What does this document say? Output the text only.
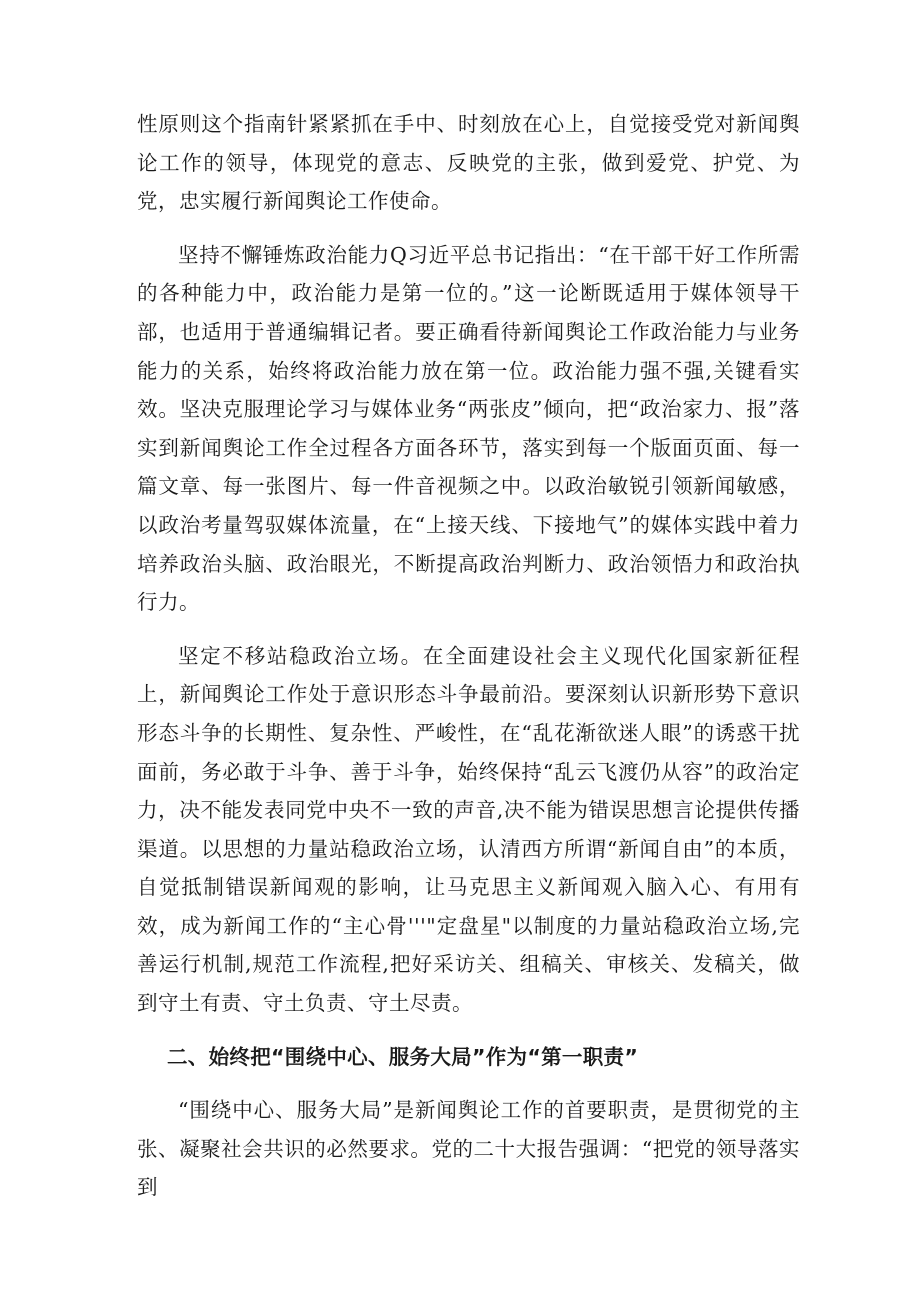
性原则这个指南针紧紧抓在手中、时刻放在心上，自觉接受党对新闻舆论工作的领导，体现党的意志、反映党的主张，做到爱党、护党、为党，忠实履行新闻舆论工作使命。

坚持不懈锤炼政治能力Q习近平总书记指出：“在干部干好工作所需的各种能力中，政治能力是第一位的。”这一论断既适用于媒体领导干部，也适用于普通编辑记者。要正确看待新闻舆论工作政治能力与业务能力的关系，始终将政治能力放在第一位。政治能力强不强,关键看实效。坚决克服理论学习与媒体业务“两张皮”倾向，把“政治家力、报”落实到新闻舆论工作全过程各方面各环节，落实到每一个版面页面、每一篇文章、每一张图片、每一件音视频之中。以政治敏锐引领新闻敏感，以政治考量驾驭媒体流量，在“上接天线、下接地气”的媒体实践中着力培养政治头脑、政治眼光，不断提高政治判断力、政治领悟力和政治执行力。

坚定不移站稳政治立场。在全面建设社会主义现代化国家新征程上，新闻舆论工作处于意识形态斗争最前沿。要深刻认识新形势下意识形态斗争的长期性、复杂性、严峻性，在“乱花渐欲迷人眼”的诱惑干扰面前，务必敢于斗争、善于斗争，始终保持“乱云飞渡仍从容”的政治定力，决不能发表同党中央不一致的声音,决不能为错误思想言论提供传播渠道。以思想的力量站稳政治立场，认清西方所谓“新闻自由”的本质，自觉抵制错误新闻观的影响，让马克思主义新闻观入脑入心、有用有效，成为新闻工作的“主心骨'''"定盘星"以制度的力量站稳政治立场,完善运行机制,规范工作流程,把好采访关、组稿关、审核关、发稿关，做到守土有责、守土负责、守土尽责。

二、始终把“围绕中心、服务大局”作为“第一职责”

“围绕中心、服务大局”是新闻舆论工作的首要职责，是贯彻党的主张、凝聚社会共识的必然要求。党的二十大报告强调：“把党的领导落实到
